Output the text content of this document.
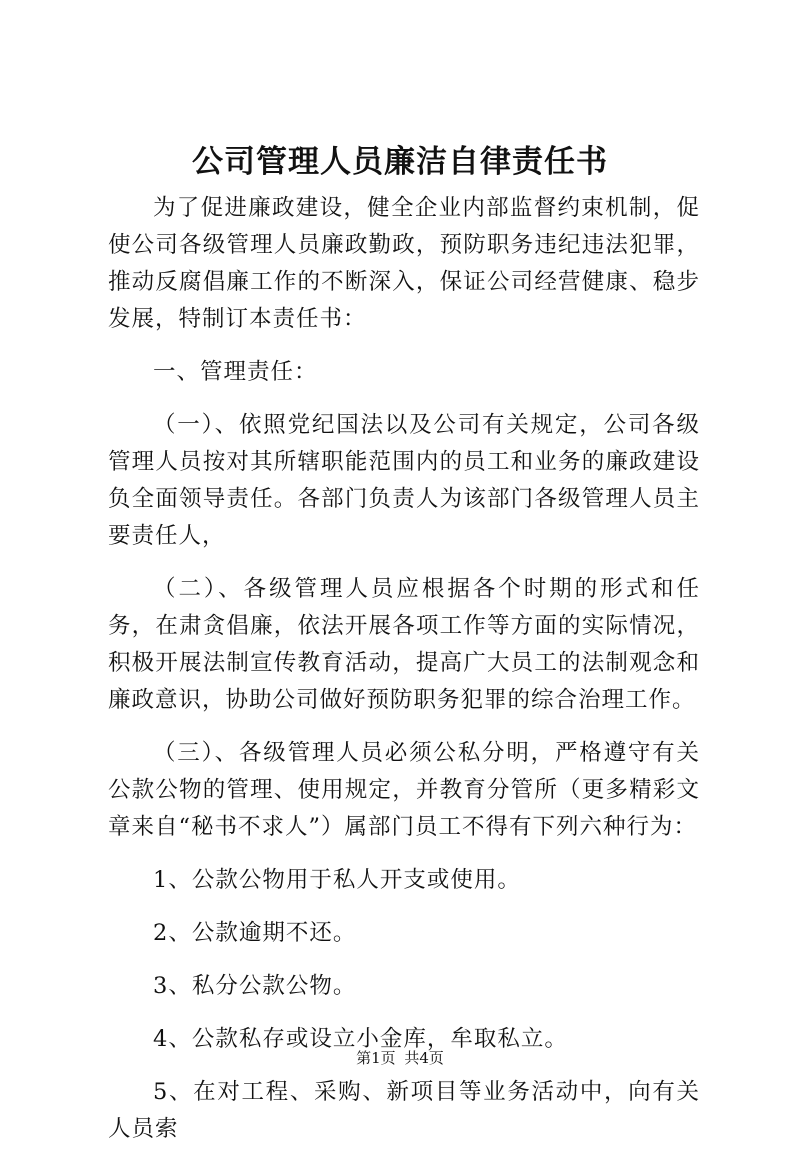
公司管理人员廉洁自律责任书

为了促进廉政建设，健全企业内部监督约束机制，促使公司各级管理人员廉政勤政，预防职务违纪违法犯罪，推动反腐倡廉工作的不断深入，保证公司经营健康、稳步发展，特制订本责任书：

一、管理责任：

（一）、依照党纪国法以及公司有关规定，公司各级管理人员按对其所辖职能范围内的员工和业务的廉政建设负全面领导责任。各部门负责人为该部门各级管理人员主要责任人，

（二）、各级管理人员应根据各个时期的形式和任务，在肃贪倡廉，依法开展各项工作等方面的实际情况，积极开展法制宣传教育活动，提高广大员工的法制观念和廉政意识，协助公司做好预防职务犯罪的综合治理工作。

（三）、各级管理人员必须公私分明，严格遵守有关公款公物的管理、使用规定，并教育分管所（更多精彩文章来自“秘书不求人”）属部门员工不得有下列六种行为：

1、公款公物用于私人开支或使用。

2、公款逾期不还。

3、私分公款公物。

4、公款私存或设立小金库，牟取私立。

5、在对工程、采购、新项目等业务活动中，向有关人员索

第1页 共4页
